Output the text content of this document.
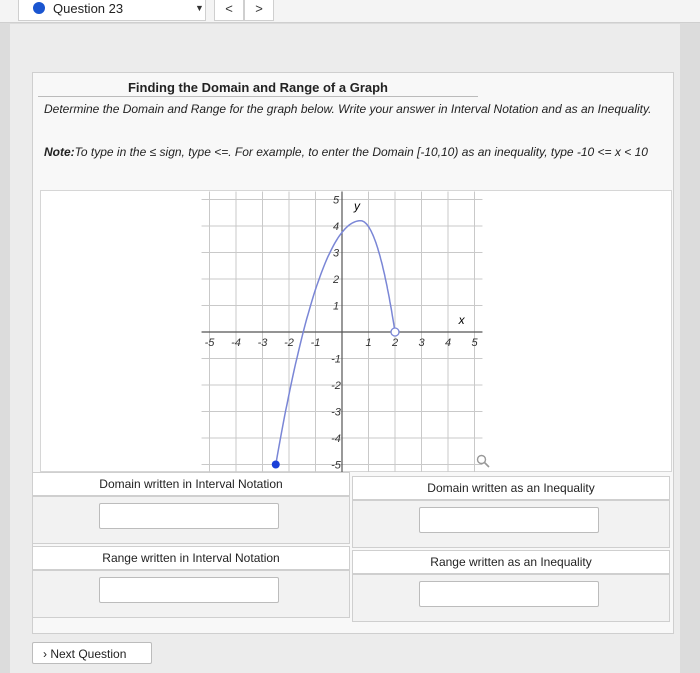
Question 23	▼	<	>
Finding the Domain and Range of a Graph
Determine the Domain and Range for the graph below. Write your answer in Interval Notation and as an Inequality.
Note:To type in the ≤ sign, type <=. For example, to enter the Domain [-10,10) as an inequality, type -10 <= x < 10
-5 -4 -3 -2 -1	1 2 3 4 5
5
4
3
2
1
-1
-2
-3
-4
-5
x
y
Domain written in Interval Notation	Domain written as an Inequality
Range written in Interval Notation	Range written as an Inequality
› Next Question
